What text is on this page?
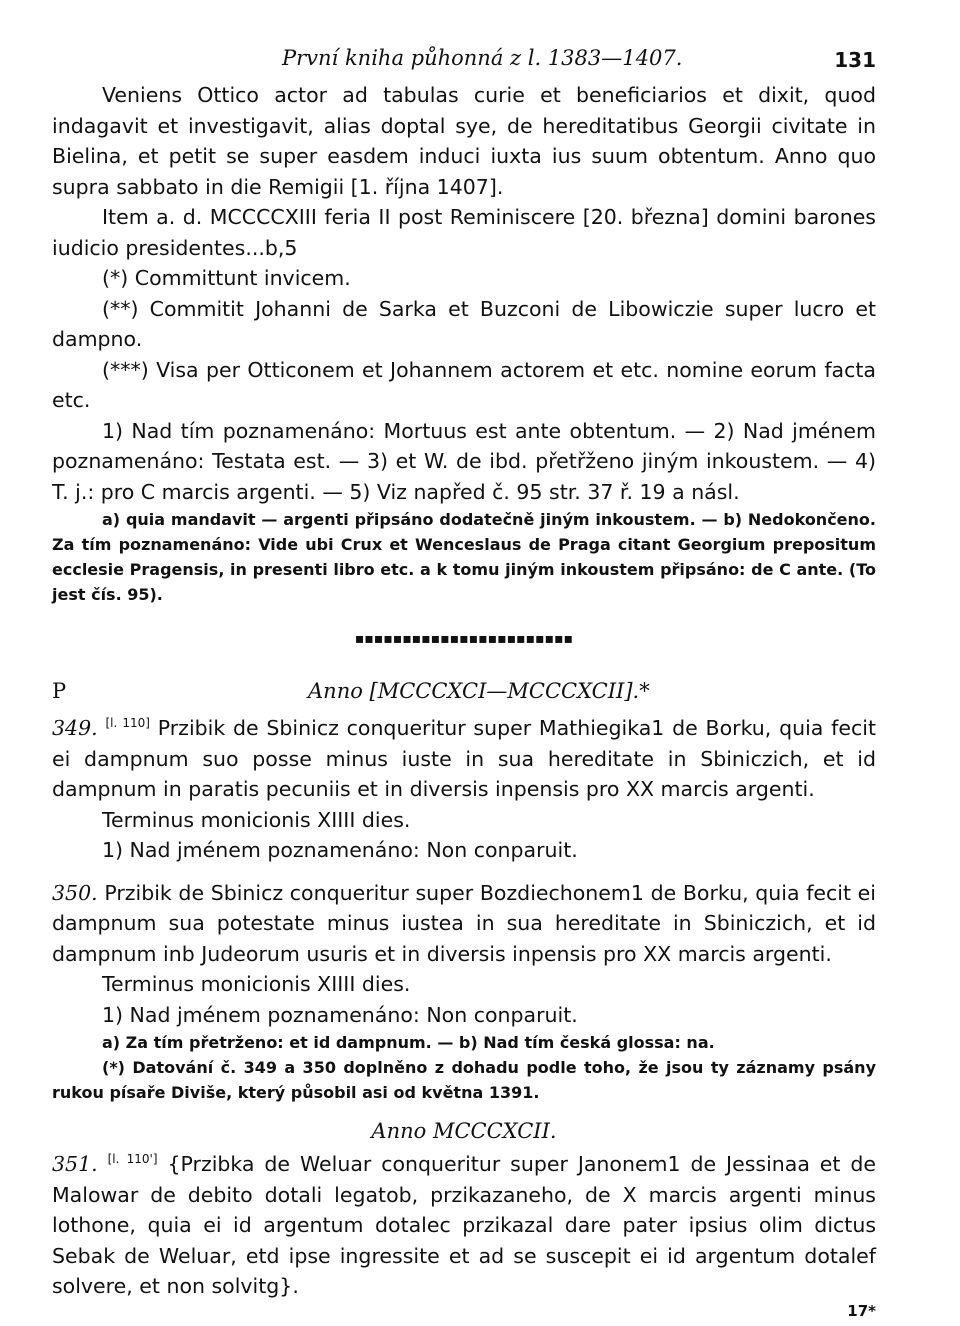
První kniha půhonná z l. 1383—1407.	131

Veniens Ottico actor ad tabulas curie et beneficiarios et dixit, quod indagavit et investigavit, alias doptal sye, de hereditatibus Georgii civitate in Bielina, et petit se super easdem induci iuxta ius suum obtentum. Anno quo supra sabbato in die Remigii [1. října 1407].

Item a. d. MCCCCXIII feria II post Reminiscere [20. března] domini barones iudicio presidentes...b,5

(*) Committunt invicem.

(**) Commitit Johanni de Sarka et Buzconi de Libowiczie super lucro et dampno.

(***) Visa per Otticonem et Johannem actorem et etc. nomine eorum facta etc.

1) Nad tím poznamenáno: Mortuus est ante obtentum. — 2) Nad jménem poznamenáno: Testata est. — 3) et W. de ibd. přetřženo jiným inkoustem. — 4) T. j.: pro C marcis argenti. — 5) Viz napřed č. 95 str. 37 ř. 19 a násl.

a) quia mandavit — argenti připsáno dodatečně jiným inkoustem. — b) Nedokončeno. Za tím poznamenáno: Vide ubi Crux et Wenceslaus de Praga citant Georgium prepositum ecclesie Pragensis, in presenti libro etc. a k tomu jiným inkoustem připsáno: de C ante. (To jest čís. 95).

▪▪▪▪▪▪▪▪▪▪▪▪▪▪▪▪▪▪▪▪▪▪▪
P	Anno [MCCCXCI—MCCCXCII].*

349. [l. 110] Przibik de Sbinicz conqueritur super Mathiegika1 de Borku, quia fecit ei dampnum suo posse minus iuste in sua hereditate in Sbiniczich, et id dampnum in paratis pecuniis et in diversis inpensis pro XX marcis argenti.

Terminus monicionis XIIII dies.

1) Nad jménem poznamenáno: Non conparuit.

350. Przibik de Sbinicz conqueritur super Bozdiechonem1 de Borku, quia fecit ei dampnum sua potestate minus iustea in sua hereditate in Sbiniczich, et id dampnum inb Judeorum usuris et in diversis inpensis pro XX marcis argenti.

Terminus monicionis XIIII dies.

1) Nad jménem poznamenáno: Non conparuit.

a) Za tím přetrženo: et id dampnum. — b) Nad tím česká glossa: na.

(*) Datování č. 349 a 350 doplněno z dohadu podle toho, že jsou ty záznamy psány rukou písaře Diviše, který působil asi od května 1391.

Anno MCCCXCII.

351. [l. 110'] {Przibka de Weluar conqueritur super Janonem1 de Jessinaa et de Malowar de debito dotali legatob, przikazaneho, de X marcis argenti minus lothone, quia ei id argentum dotalec przikazal dare pater ipsius olim dictus Sebak de Weluar, etd ipse ingressite et ad se suscepit ei id argentum dotalef solvere, et non solvitg}.

17*
